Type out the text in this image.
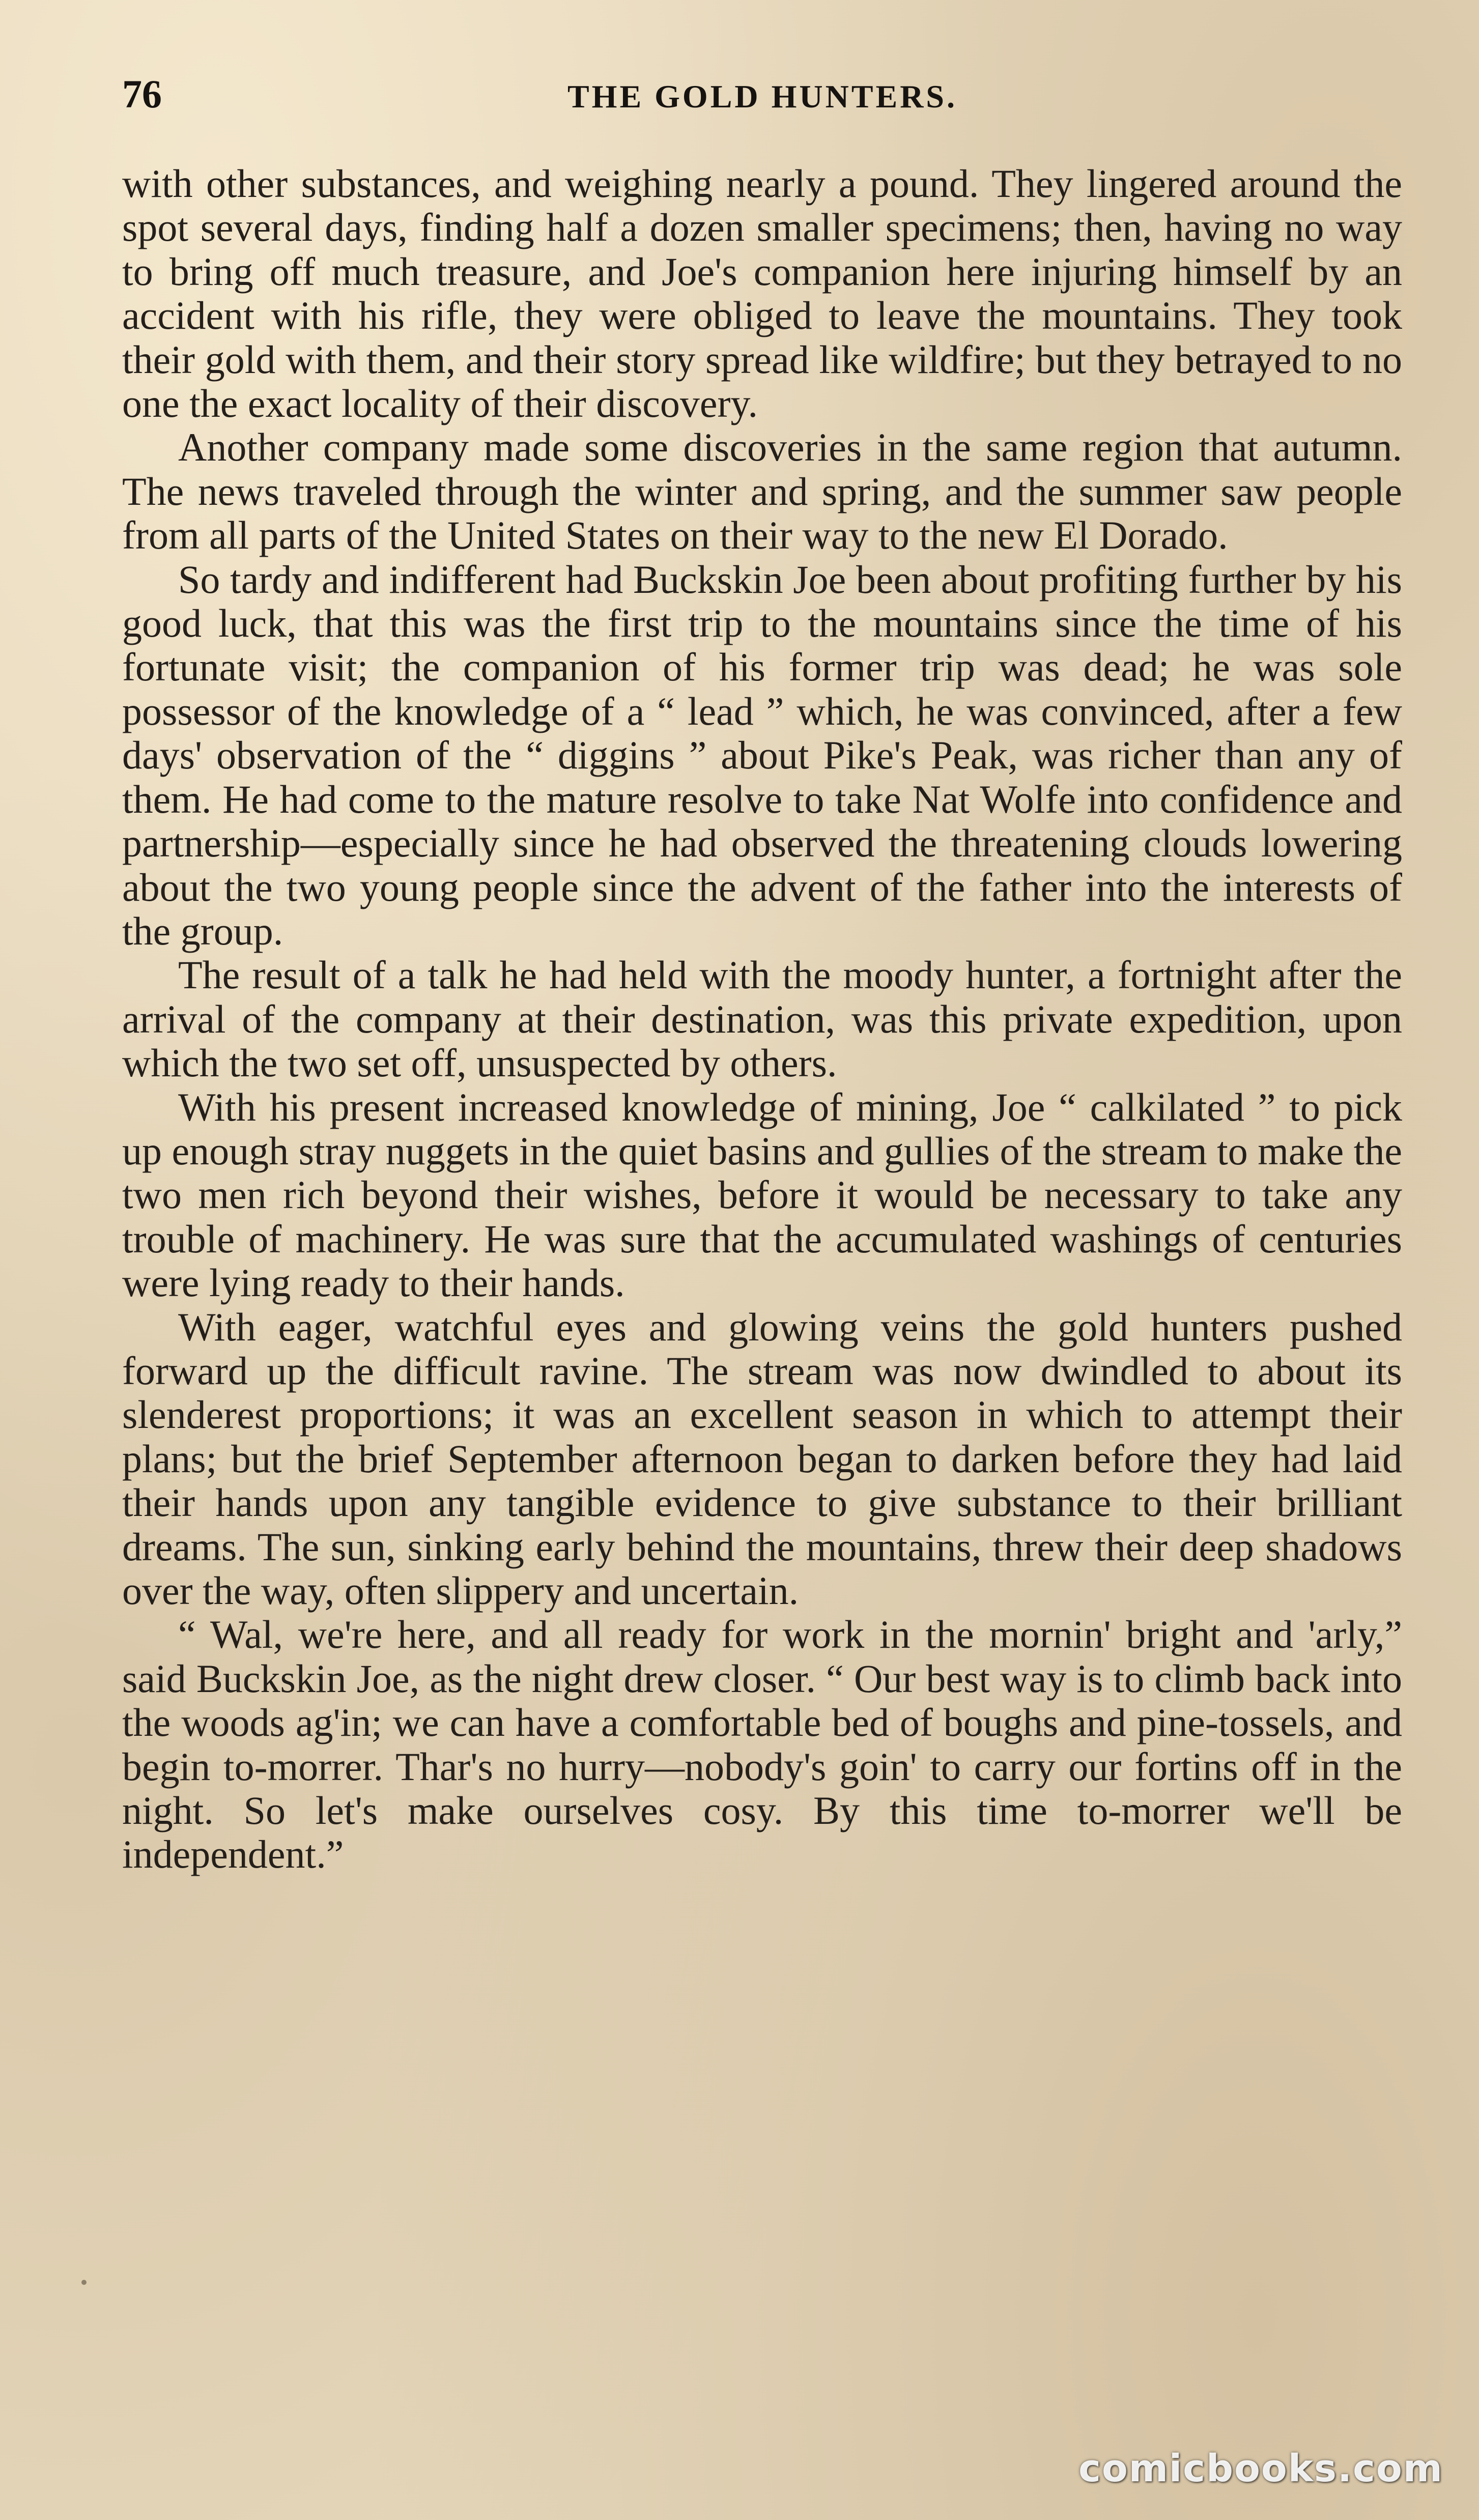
76	THE GOLD HUNTERS.

with other substances, and weighing nearly a pound. They lingered around the spot several days, finding half a dozen smaller specimens; then, having no way to bring off much treasure, and Joe's companion here injuring himself by an accident with his rifle, they were obliged to leave the mountains. They took their gold with them, and their story spread like wildfire; but they betrayed to no one the exact locality of their discovery.

Another company made some discoveries in the same region that autumn. The news traveled through the winter and spring, and the summer saw people from all parts of the United States on their way to the new El Dorado.

So tardy and indifferent had Buckskin Joe been about profiting further by his good luck, that this was the first trip to the mountains since the time of his fortunate visit; the companion of his former trip was dead; he was sole possessor of the knowledge of a “ lead ” which, he was convinced, after a few days' observation of the “ diggins ” about Pike's Peak, was richer than any of them. He had come to the mature resolve to take Nat Wolfe into confidence and partnership—especially since he had observed the threatening clouds lowering about the two young people since the advent of the father into the interests of the group.

The result of a talk he had held with the moody hunter, a fortnight after the arrival of the company at their destination, was this private expedition, upon which the two set off, unsuspected by others.

With his present increased knowledge of mining, Joe “ calkilated ” to pick up enough stray nuggets in the quiet basins and gullies of the stream to make the two men rich beyond their wishes, before it would be necessary to take any trouble of machinery. He was sure that the accumulated washings of centuries were lying ready to their hands.

With eager, watchful eyes and glowing veins the gold hunters pushed forward up the difficult ravine. The stream was now dwindled to about its slenderest proportions; it was an excellent season in which to attempt their plans; but the brief September afternoon began to darken before they had laid their hands upon any tangible evidence to give substance to their brilliant dreams. The sun, sinking early behind the mountains, threw their deep shadows over the way, often slippery and uncertain.

“ Wal, we're here, and all ready for work in the mornin' bright and 'arly,” said Buckskin Joe, as the night drew closer. “ Our best way is to climb back into the woods ag'in; we can have a comfortable bed of boughs and pine-tossels, and begin to-morrer. Thar's no hurry—nobody's goin' to carry our fortins off in the night. So let's make ourselves cosy. By this time to-morrer we'll be independent.”

comicbooks.com
